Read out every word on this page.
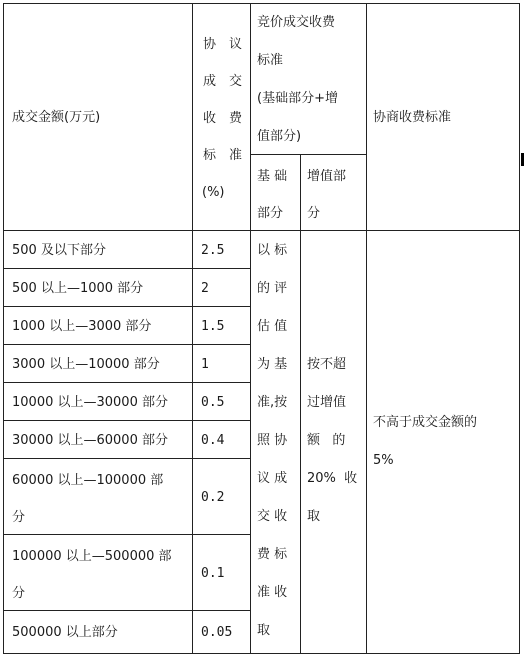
成交金额(万元)
协 议
成 交
收 费
标 准
(%)
竞价成交收费
标准
(基础部分+增
值部分)
基 础
部分
增值部
分
协商收费标准
500 及以下部分
500 以上—1000 部分
1000 以上—3000 部分
3000 以上—10000 部分
10000 以上—30000 部分
30000 以上—60000 部分
60000 以上—100000 部
分
100000 以上—500000 部
分
500000 以上部分
2.5
2
1.5
1
0.5
0.4
0.2
0.1
0.05
以 标
的 评
估 值
为 基
准,按
照 协
议 成
交 收
费 标
准 收
取
按不超
过增值
额   的
20%  收
取
不高于成交金额的
5%
